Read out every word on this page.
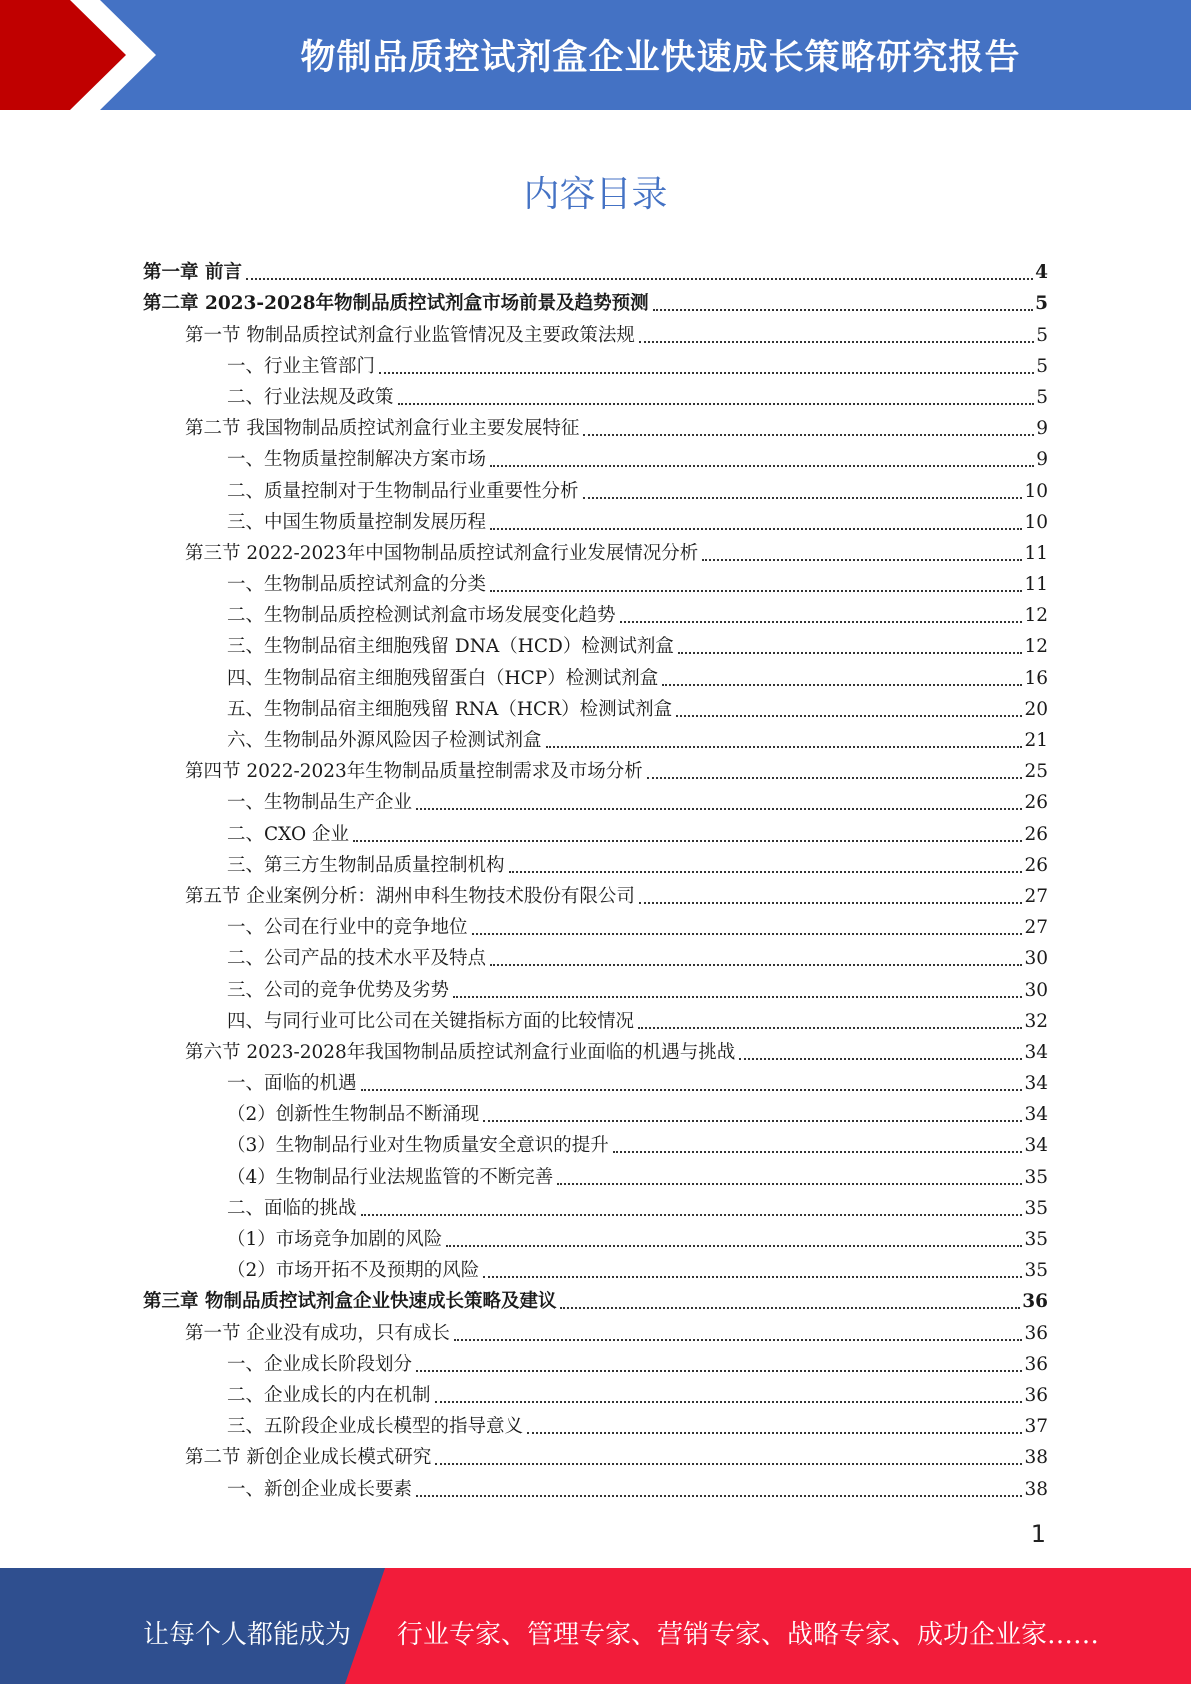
物制品质控试剂盒企业快速成长策略研究报告
内容目录
第一章 前言	4
第二章 2023-2028年物制品质控试剂盒市场前景及趋势预测	5
第一节 物制品质控试剂盒行业监管情况及主要政策法规	5
一、行业主管部门	5
二、行业法规及政策	5
第二节 我国物制品质控试剂盒行业主要发展特征	9
一、生物质量控制解决方案市场	9
二、质量控制对于生物制品行业重要性分析	10
三、中国生物质量控制发展历程	10
第三节 2022-2023年中国物制品质控试剂盒行业发展情况分析	11
一、生物制品质控试剂盒的分类	11
二、生物制品质控检测试剂盒市场发展变化趋势	12
三、生物制品宿主细胞残留 DNA（HCD）检测试剂盒	12
四、生物制品宿主细胞残留蛋白（HCP）检测试剂盒	16
五、生物制品宿主细胞残留 RNA（HCR）检测试剂盒	20
六、生物制品外源风险因子检测试剂盒	21
第四节 2022-2023年生物制品质量控制需求及市场分析	25
一、生物制品生产企业	26
二、CXO 企业	26
三、第三方生物制品质量控制机构	26
第五节 企业案例分析：湖州申科生物技术股份有限公司	27
一、公司在行业中的竞争地位	27
二、公司产品的技术水平及特点	30
三、公司的竞争优势及劣势	30
四、与同行业可比公司在关键指标方面的比较情况	32
第六节 2023-2028年我国物制品质控试剂盒行业面临的机遇与挑战	34
一、面临的机遇	34
（2）创新性生物制品不断涌现	34
（3）生物制品行业对生物质量安全意识的提升	34
（4）生物制品行业法规监管的不断完善	35
二、面临的挑战	35
（1）市场竞争加剧的风险	35
（2）市场开拓不及预期的风险	35
第三章 物制品质控试剂盒企业快速成长策略及建议	36
第一节 企业没有成功，只有成长	36
一、企业成长阶段划分	36
二、企业成长的内在机制	36
三、五阶段企业成长模型的指导意义	37
第二节 新创企业成长模式研究	38
一、新创企业成长要素	38
1
让每个人都能成为 行业专家、管理专家、营销专家、战略专家、成功企业家……
